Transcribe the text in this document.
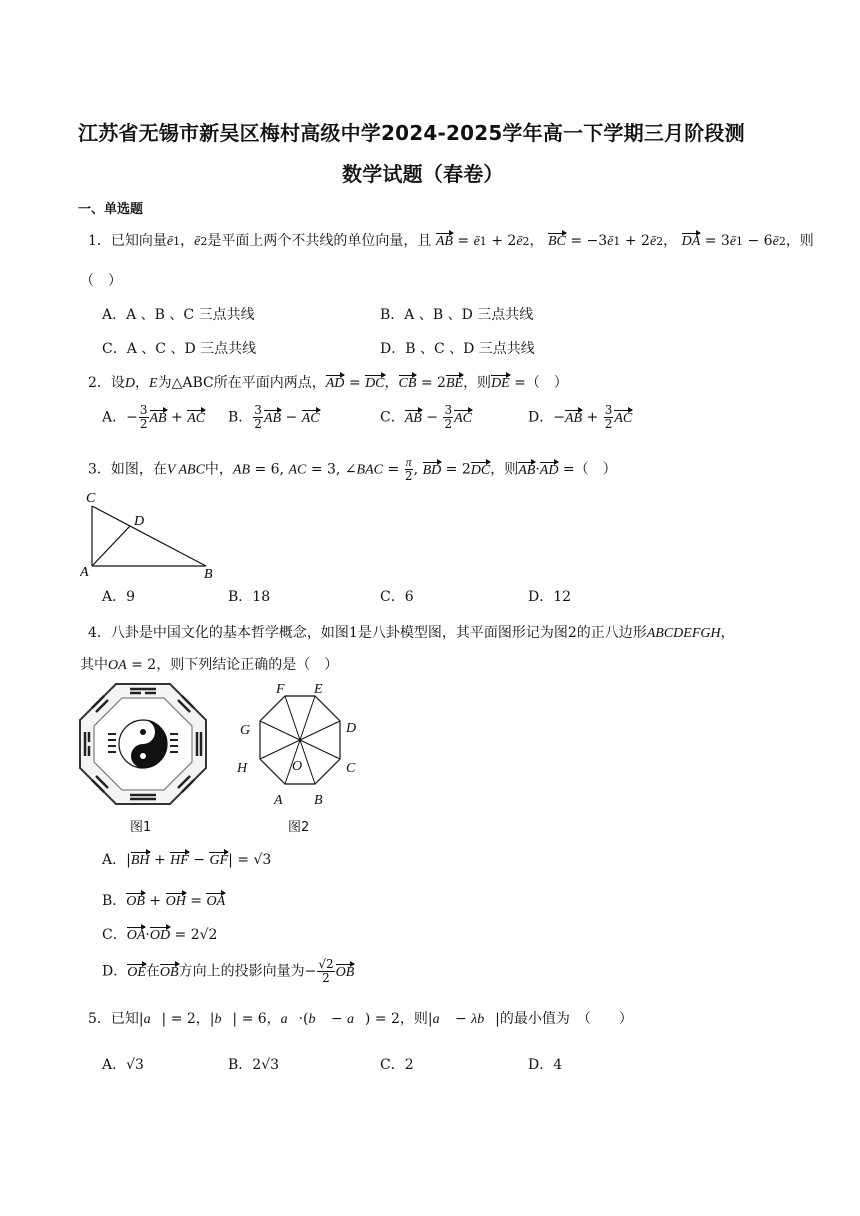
江苏省无锡市新吴区梅村高级中学2024-2025学年高一下学期三月阶段测
数学试题（春卷）
一、单选题
1．已知向量ē1，ē2是平面上两个不共线的单位向量，且 AB = ē1 + 2ē2， BC = −3ē1 + 2ē2， DA = 3ē1 − 6ē2，则
（　）
A．A 、B 、C 三点共线	B．A 、B 、D 三点共线
C．A 、C 、D 三点共线	D．B 、C 、D 三点共线
2．设D，E为△ABC所在平面内两点，AD = DC，CB = 2BE，则DE =（　）
A．− $\frac{3}{2}$ AB + AC B． $\frac{3}{2}$ AB − AC	C．AB − $\frac{3}{2}$ AC	D．$-AB + \frac{3}{2}$ AC
3．如图，在V ABC中，AB = 6, AC = 3, ∠BAC = $\frac{\pi}{2}$ , BD = 2DC，则AB·AD =（　）
C
D
A	B
A．9	B．18	C．6	D．12
4．八卦是中国文化的基本哲学概念，如图1是八卦模型图，其平面图形记为图2的正八边形ABCDEFGH，
其中OA = 2，则下列结论正确的是（　）
图1
F E
G	D
H	O	C
A B
图2
A．|BH + HF − GF| = √3
B．OB + OH = OA
C．OA·OD = 2√2
D．OE在OB方向上的投影向量为− $\frac{√2}{2}$ OB
5．已知|a⃗| = 2，|b⃗| = 6，a⃗·(b⃗ − a⃗) = 2，则|a⃗ − λb⃗|的最小值为　（　　）
A．√3	B．2√3	C．2	D．4
